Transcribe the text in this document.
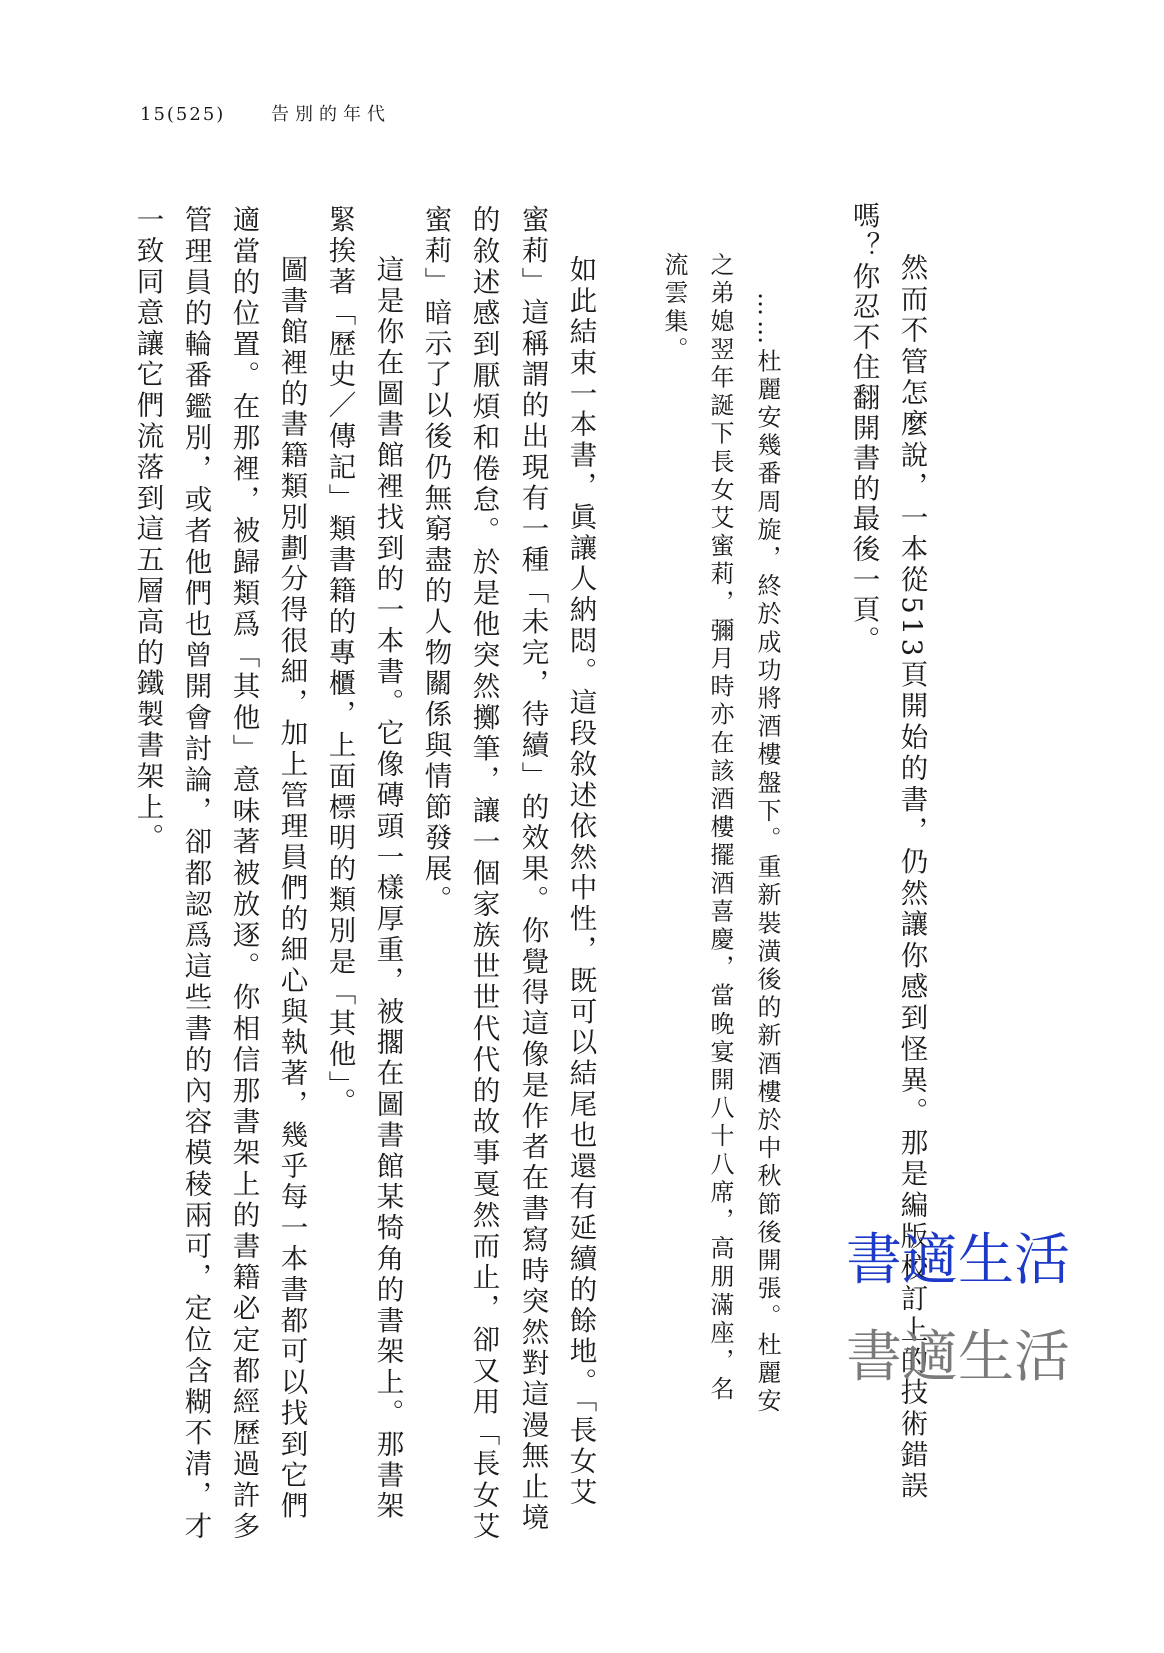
15(525)	告別的年代
然而不管怎麼說，一本從513頁開始的書，仍然讓你感到怪異。那是編版校訂上的技術錯誤
嗎？你忍不住翻開書的最後一頁。
……杜麗安幾番周旋，終於成功將酒樓盤下。重新裝潢後的新酒樓於中秋節後開張。杜麗安
之弟媳翌年誕下長女艾蜜莉，彌月時亦在該酒樓擺酒喜慶，當晚宴開八十八席，高朋滿座，名
流雲集。
如此結束一本書，眞讓人納悶。這段敘述依然中性，既可以結尾也還有延續的餘地。「長女艾
蜜莉」這稱謂的出現有一種「未完，待續」的效果。你覺得這像是作者在書寫時突然對這漫無止境
的敘述感到厭煩和倦怠。於是他突然擲筆，讓一個家族世世代代的故事戛然而止，卻又用「長女艾
蜜莉」暗示了以後仍無窮盡的人物關係與情節發展。
這是你在圖書館裡找到的一本書。它像磚頭一樣厚重，被擱在圖書館某犄角的書架上。那書架
緊挨著「歷史／傳記」類書籍的專櫃，上面標明的類別是「其他」。
圖書館裡的書籍類別劃分得很細，加上管理員們的細心與執著，幾乎每一本書都可以找到它們
適當的位置。在那裡，被歸類爲「其他」意味著被放逐。你相信那書架上的書籍必定都經歷過許多
管理員的輪番鑑別，或者他們也曾開會討論，卻都認爲這些書的內容模稜兩可，定位含糊不清，才
一致同意讓它們流落到這五層高的鐵製書架上。
書適生活
書適生活
